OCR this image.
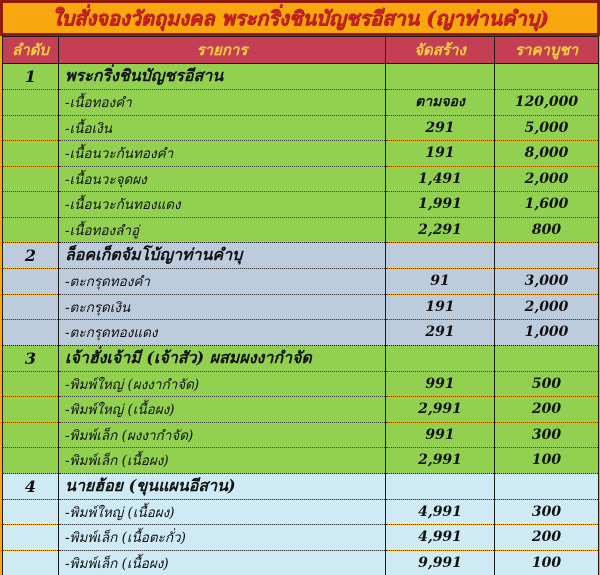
ใบสั่งจองวัตถุมงคล พระกริ่งชินบัญชรอีสาน (ญาท่านคำบุ)
ลำดับ	รายการ	จัดสร้าง	ราคาบูชา
1	พระกริ่งชินบัญชรอีสาน		
	-เนื้อทองคำ	ตามจอง	120,000
	-เนื้อเงิน	291	5,000
	-เนื้อนวะก้นทองคำ	191	8,000
	-เนื้อนวะจุดผง	1,491	2,000
	-เนื้อนวะก้นทองแดง	1,991	1,600
	-เนื้อทองลำอู่	2,291	800
2	ล็อคเก็ตจัมโบ้ญาท่านคำบุ		
	-ตะกรุดทองคำ	91	3,000
	-ตะกรุดเงิน	191	2,000
	-ตะกรุดทองแดง	291	1,000
3	เจ้าฮั่งเจ้ามี (เจ้าสัว) ผสมผงงากำจัด		
	-พิมพ์ใหญ่ (ผงงากำจัด)	991	500
	-พิมพ์ใหญ่ (เนื้อผง)	2,991	200
	-พิมพ์เล็ก (ผงงากำจัด)	991	300
	-พิมพ์เล็ก (เนื้อผง)	2,991	100
4	นายฮ้อย (ขุนแผนอีสาน)		
	-พิมพ์ใหญ่ (เนื้อผง)	4,991	300
	-พิมพ์เล็ก (เนื้อตะกั่ว)	4,991	200
	-พิมพ์เล็ก (เนื้อผง)	9,991	100
